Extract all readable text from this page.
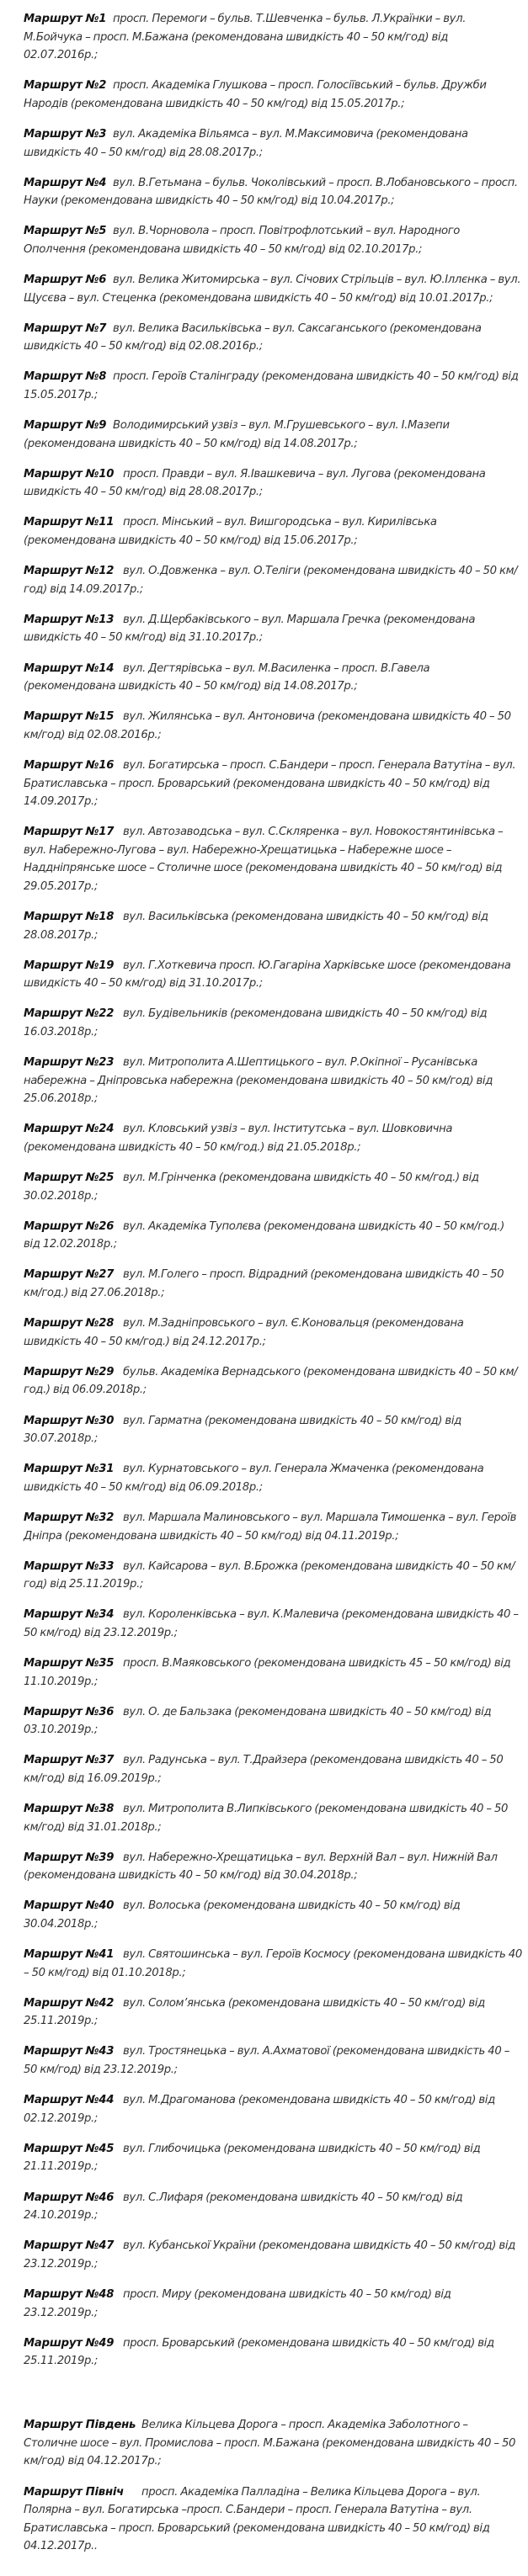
Маршрут №1 просп. Перемоги – бульв. Т.Шевченка – бульв. Л.Українки – вул. М.Бойчука – просп. М.Бажана (рекомендована швидкість 40 – 50 км/год) від 02.07.2016р.;

Маршрут №2 просп. Академіка Глушкова – просп. Голосіївський – бульв. Дружби Народів (рекомендована швидкість 40 – 50 км/год) від 15.05.2017р.;

Маршрут №3 вул. Академіка Вільямса – вул. М.Максимовича (рекомендована швидкість 40 – 50 км/год) від 28.08.2017р.;

Маршрут №4 вул. В.Гетьмана – бульв. Чоколівський – просп. В.Лобановського – просп. Науки (рекомендована швидкість 40 – 50 км/год) від 10.04.2017р.;

Маршрут №5 вул. В.Чорновола – просп. Повітрофлотський – вул. Народного Ополчення (рекомендована швидкість 40 – 50 км/год) від 02.10.2017р.;

Маршрут №6 вул. Велика Житомирська – вул. Січових Стрільців – вул. Ю.Іллєнка – вул. Щусєва – вул. Стеценка (рекомендована швидкість 40 – 50 км/год) від 10.01.2017р.;

Маршрут №7 вул. Велика Васильківська – вул. Саксаганського (рекомендована швидкість 40 – 50 км/год) від 02.08.2016р.;

Маршрут №8 просп. Героїв Сталінграду (рекомендована швидкість 40 – 50 км/год) від 15.05.2017р.;

Маршрут №9 Володимирський узвіз – вул. М.Грушевського – вул. І.Мазепи (рекомендована швидкість 40 – 50 км/год) від 14.08.2017р.;

Маршрут №10 просп. Правди – вул. Я.Івашкевича – вул. Лугова (рекомендована швидкість 40 – 50 км/год) від 28.08.2017р.;

Маршрут №11 просп. Мінський – вул. Вишгородська – вул. Кирилівська (рекомендована швидкість 40 – 50 км/год) від 15.06.2017р.;

Маршрут №12 вул. О.Довженка – вул. О.Теліги (рекомендована швидкість 40 – 50 км/год) від 14.09.2017р.;

Маршрут №13 вул. Д.Щербаківського – вул. Маршала Гречка (рекомендована швидкість 40 – 50 км/год) від 31.10.2017р.;

Маршрут №14 вул. Дегтярівська – вул. М.Василенка – просп. В.Гавела (рекомендована швидкість 40 – 50 км/год) від 14.08.2017р.;

Маршрут №15 вул. Жилянська – вул. Антоновича (рекомендована швидкість 40 – 50 км/год) від 02.08.2016р.;

Маршрут №16 вул. Богатирська – просп. С.Бандери – просп. Генерала Ватутіна – вул. Братиславська – просп. Броварський (рекомендована швидкість 40 – 50 км/год) від 14.09.2017р.;

Маршрут №17 вул. Автозаводська – вул. С.Скляренка – вул. Новокостянтинівська – вул. Набережно-Лугова – вул. Набережно-Хрещатицька – Набережне шосе – Наддніпрянське шосе – Столичне шосе (рекомендована швидкість 40 – 50 км/год) від 29.05.2017р.;

Маршрут №18 вул. Васильківська (рекомендована швидкість 40 – 50 км/год) від 28.08.2017р.;

Маршрут №19 вул. Г.Хоткевича просп. Ю.Гагаріна Харківське шосе (рекомендована швидкість 40 – 50 км/год) від 31.10.2017р.;

Маршрут №22 вул. Будівельників (рекомендована швидкість 40 – 50 км/год) від 16.03.2018р.;

Маршрут №23 вул. Митрополита А.Шептицького – вул. Р.Окіпної – Русанівська набережна – Дніпровська набережна (рекомендована швидкість 40 – 50 км/год) від 25.06.2018р.;

Маршрут №24 вул. Кловський узвіз – вул. Інститутська – вул. Шовковична (рекомендована швидкість 40 – 50 км/год.) від 21.05.2018р.;

Маршрут №25 вул. М.Грінченка (рекомендована швидкість 40 – 50 км/год.) від 30.02.2018р.;

Маршрут №26 вул. Академіка Туполєва (рекомендована швидкість 40 – 50 км/год.) від 12.02.2018р.;

Маршрут №27 вул. М.Голего – просп. Відрадний (рекомендована швидкість 40 – 50 км/год.) від 27.06.2018р.;

Маршрут №28 вул. М.Задніпровського – вул. Є.Коновальця (рекомендована швидкість 40 – 50 км/год.) від 24.12.2017р.;

Маршрут №29 бульв. Академіка Вернадського (рекомендована швидкість 40 – 50 км/год.) від 06.09.2018р.;

Маршрут №30 вул. Гарматна (рекомендована швидкість 40 – 50 км/год) від 30.07.2018р.;

Маршрут №31 вул. Курнатовського – вул. Генерала Жмаченка (рекомендована швидкість 40 – 50 км/год) від 06.09.2018р.;

Маршрут №32 вул. Маршала Малиновського – вул. Маршала Тимошенка – вул. Героїв Дніпра (рекомендована швидкість 40 – 50 км/год) від 04.11.2019р.;

Маршрут №33 вул. Кайсарова – вул. В.Брожка (рекомендована швидкість 40 – 50 км/год) від 25.11.2019р.;

Маршрут №34 вул. Короленківська – вул. К.Малевича (рекомендована швидкість 40 – 50 км/год) від 23.12.2019р.;

Маршрут №35 просп. В.Маяковського (рекомендована швидкість 45 – 50 км/год) від 11.10.2019р.;

Маршрут №36 вул. О. де Бальзака (рекомендована швидкість 40 – 50 км/год) від 03.10.2019р.;

Маршрут №37 вул. Радунська – вул. Т.Драйзера (рекомендована швидкість 40 – 50 км/год) від 16.09.2019р.;

Маршрут №38 вул. Митрополита В.Липківського (рекомендована швидкість 40 – 50 км/год) від 31.01.2018р.;

Маршрут №39 вул. Набережно-Хрещатицька – вул. Верхній Вал – вул. Нижній Вал (рекомендована швидкість 40 – 50 км/год) від 30.04.2018р.;

Маршрут №40 вул. Волоська (рекомендована швидкість 40 – 50 км/год) від 30.04.2018р.;

Маршрут №41 вул. Святошинська – вул. Героїв Космосу (рекомендована швидкість 40 – 50 км/год) від 01.10.2018р.;

Маршрут №42 вул. Солом’янська (рекомендована швидкість 40 – 50 км/год) від 25.11.2019р.;

Маршрут №43 вул. Тростянецька – вул. А.Ахматової (рекомендована швидкість 40 – 50 км/год) від 23.12.2019р.;

Маршрут №44 вул. М.Драгоманова (рекомендована швидкість 40 – 50 км/год) від 02.12.2019р.;

Маршрут №45 вул. Глибочицька (рекомендована швидкість 40 – 50 км/год) від 21.11.2019р.;

Маршрут №46 вул. С.Лифаря (рекомендована швидкість 40 – 50 км/год) від 24.10.2019р.;

Маршрут №47 вул. Кубанської України (рекомендована швидкість 40 – 50 км/год) від 23.12.2019р.;

Маршрут №48 просп. Миру (рекомендована швидкість 40 – 50 км/год) від 23.12.2019р.;

Маршрут №49 просп. Броварський (рекомендована швидкість 40 – 50 км/год) від 25.11.2019р.;

Маршрут Південь Велика Кільцева Дорога – просп. Академіка Заболотного – Столичне шосе – вул. Промислова – просп. М.Бажана (рекомендована швидкість 40 – 50 км/год) від 04.12.2017р.;

Маршрут Північ просп. Академіка Палладіна – Велика Кільцева Дорога – вул. Полярна – вул. Богатирська –просп. С.Бандери – просп. Генерала Ватутіна – вул. Братиславська – просп. Броварський (рекомендована швидкість 40 – 50 км/год) від 04.12.2017р..
